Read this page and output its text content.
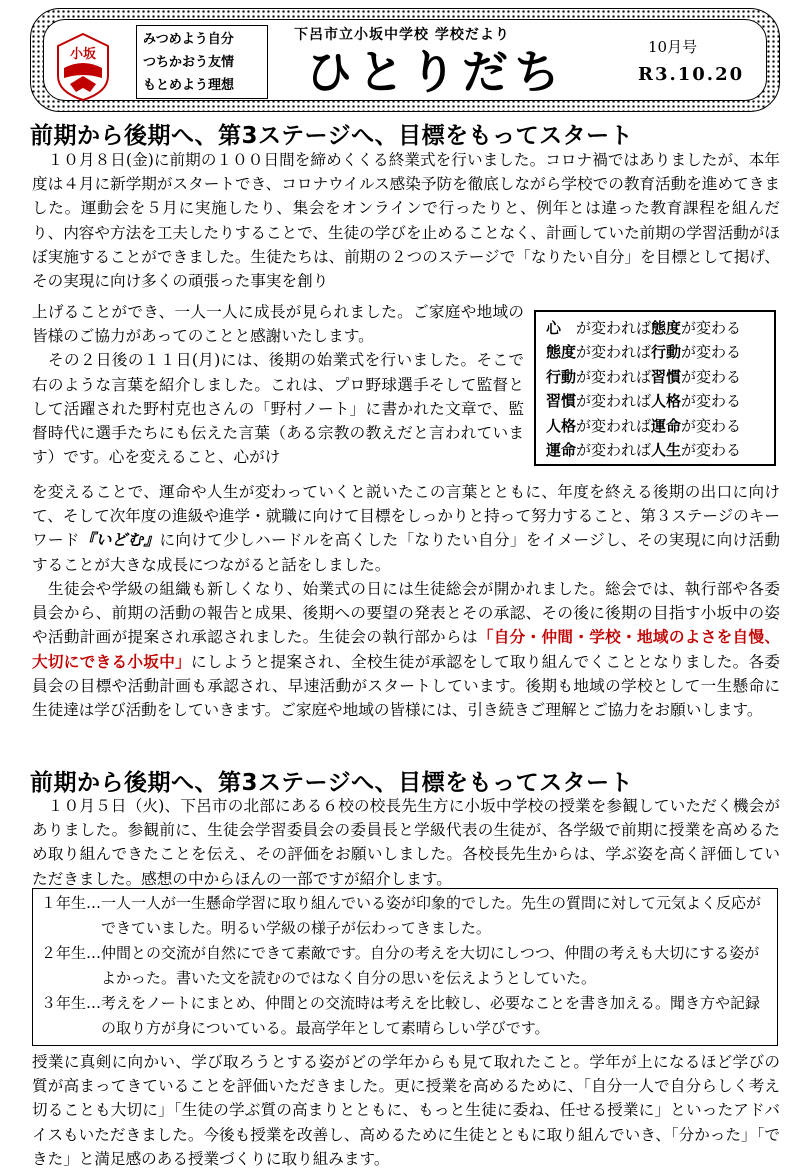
小坂
みつめよう自分
つちかおう友情
もとめよう理想
下呂市立小坂中学校 学校だより
ひとりだち	10月号
R3.10.20
前期から後期へ、第3ステージへ、目標をもってスタート

　１０月８日(金)に前期の１００日間を締めくくる終業式を行いました。コロナ禍ではありましたが、本年度は４月に新学期がスタートでき、コロナウイルス感染予防を徹底しながら学校での教育活動を進めてきました。運動会を５月に実施したり、集会をオンラインで行ったりと、例年とは違った教育課程を組んだり、内容や方法を工夫したりすることで、生徒の学びを止めることなく、計画していた前期の学習活動がほぼ実施することができました。生徒たちは、前期の２つのステージで「なりたい自分」を目標として掲げ、その実現に向け多くの頑張った事実を創り

上げることができ、一人一人に成長が見られました。ご家庭や地域の皆様のご協力があってのことと感謝いたします。
　その２日後の１１日(月)には、後期の始業式を行いました。そこで右のような言葉を紹介しました。これは、プロ野球選手そして監督として活躍された野村克也さんの「野村ノート」に書かれた文章で、監督時代に選手たちにも伝えた言葉（ある宗教の教えだと言われています）です。心を変えること、心がけ

心　が変われば態度が変わる
態度が変われば行動が変わる
行動が変われば習慣が変わる
習慣が変われば人格が変わる
人格が変われば運命が変わる
運命が変われば人生が変わる

を変えることで、運命や人生が変わっていくと説いたこの言葉とともに、年度を終える後期の出口に向けて、そして次年度の進級や進学・就職に向けて目標をしっかりと持って努力すること、第３ステージのキーワード『いどむ』に向けて少しハードルを高くした「なりたい自分」をイメージし、その実現に向け活動することが大きな成長につながると話をしました。

　生徒会や学級の組織も新しくなり、始業式の日には生徒総会が開かれました。総会では、執行部や各委員会から、前期の活動の報告と成果、後期への要望の発表とその承認、その後に後期の目指す小坂中の姿や活動計画が提案され承認されました。生徒会の執行部からは「自分・仲間・学校・地域のよさを自慢、大切にできる小坂中」にしようと提案され、全校生徒が承認をして取り組んでくこととなりました。各委員会の目標や活動計画も承認され、早速活動がスタートしています。後期も地域の学校として一生懸命に生徒達は学び活動をしていきます。ご家庭や地域の皆様には、引き続きご理解とご協力をお願いします。

前期から後期へ、第3ステージへ、目標をもってスタート

　１０月５日（火)、下呂市の北部にある６校の校長先生方に小坂中学校の授業を参観していただく機会がありました。参観前に、生徒会学習委員会の委員長と学級代表の生徒が、各学級で前期に授業を高めるため取り組んできたことを伝え、その評価をお願いしました。各校長先生からは、学ぶ姿を高く評価していただきました。感想の中からほんの一部ですが紹介します。

１年生… 一人一人が一生懸命学習に取り組んでいる姿が印象的でした。先生の質問に対して元気よく反応ができていました。明るい学級の様子が伝わってきました。
２年生… 仲間との交流が自然にできて素敵です。自分の考えを大切にしつつ、仲間の考えも大切にする姿がよかった。書いた文を読むのではなく自分の思いを伝えようとしていた。
３年生… 考えをノートにまとめ、仲間との交流時は考えを比較し、必要なことを書き加える。聞き方や記録の取り方が身についている。最高学年として素晴らしい学びです。

授業に真剣に向かい、学び取ろうとする姿がどの学年からも見て取れたこと。学年が上になるほど学びの質が高まってきていることを評価いただきました。更に授業を高めるために、「自分一人で自分らしく考え切ることも大切に」「生徒の学ぶ質の高まりとともに、もっと生徒に委ね、任せる授業に」といったアドバイスもいただきました。今後も授業を改善し、高めるために生徒とともに取り組んでいき、「分かった」「できた」と満足感のある授業づくりに取り組みます。
